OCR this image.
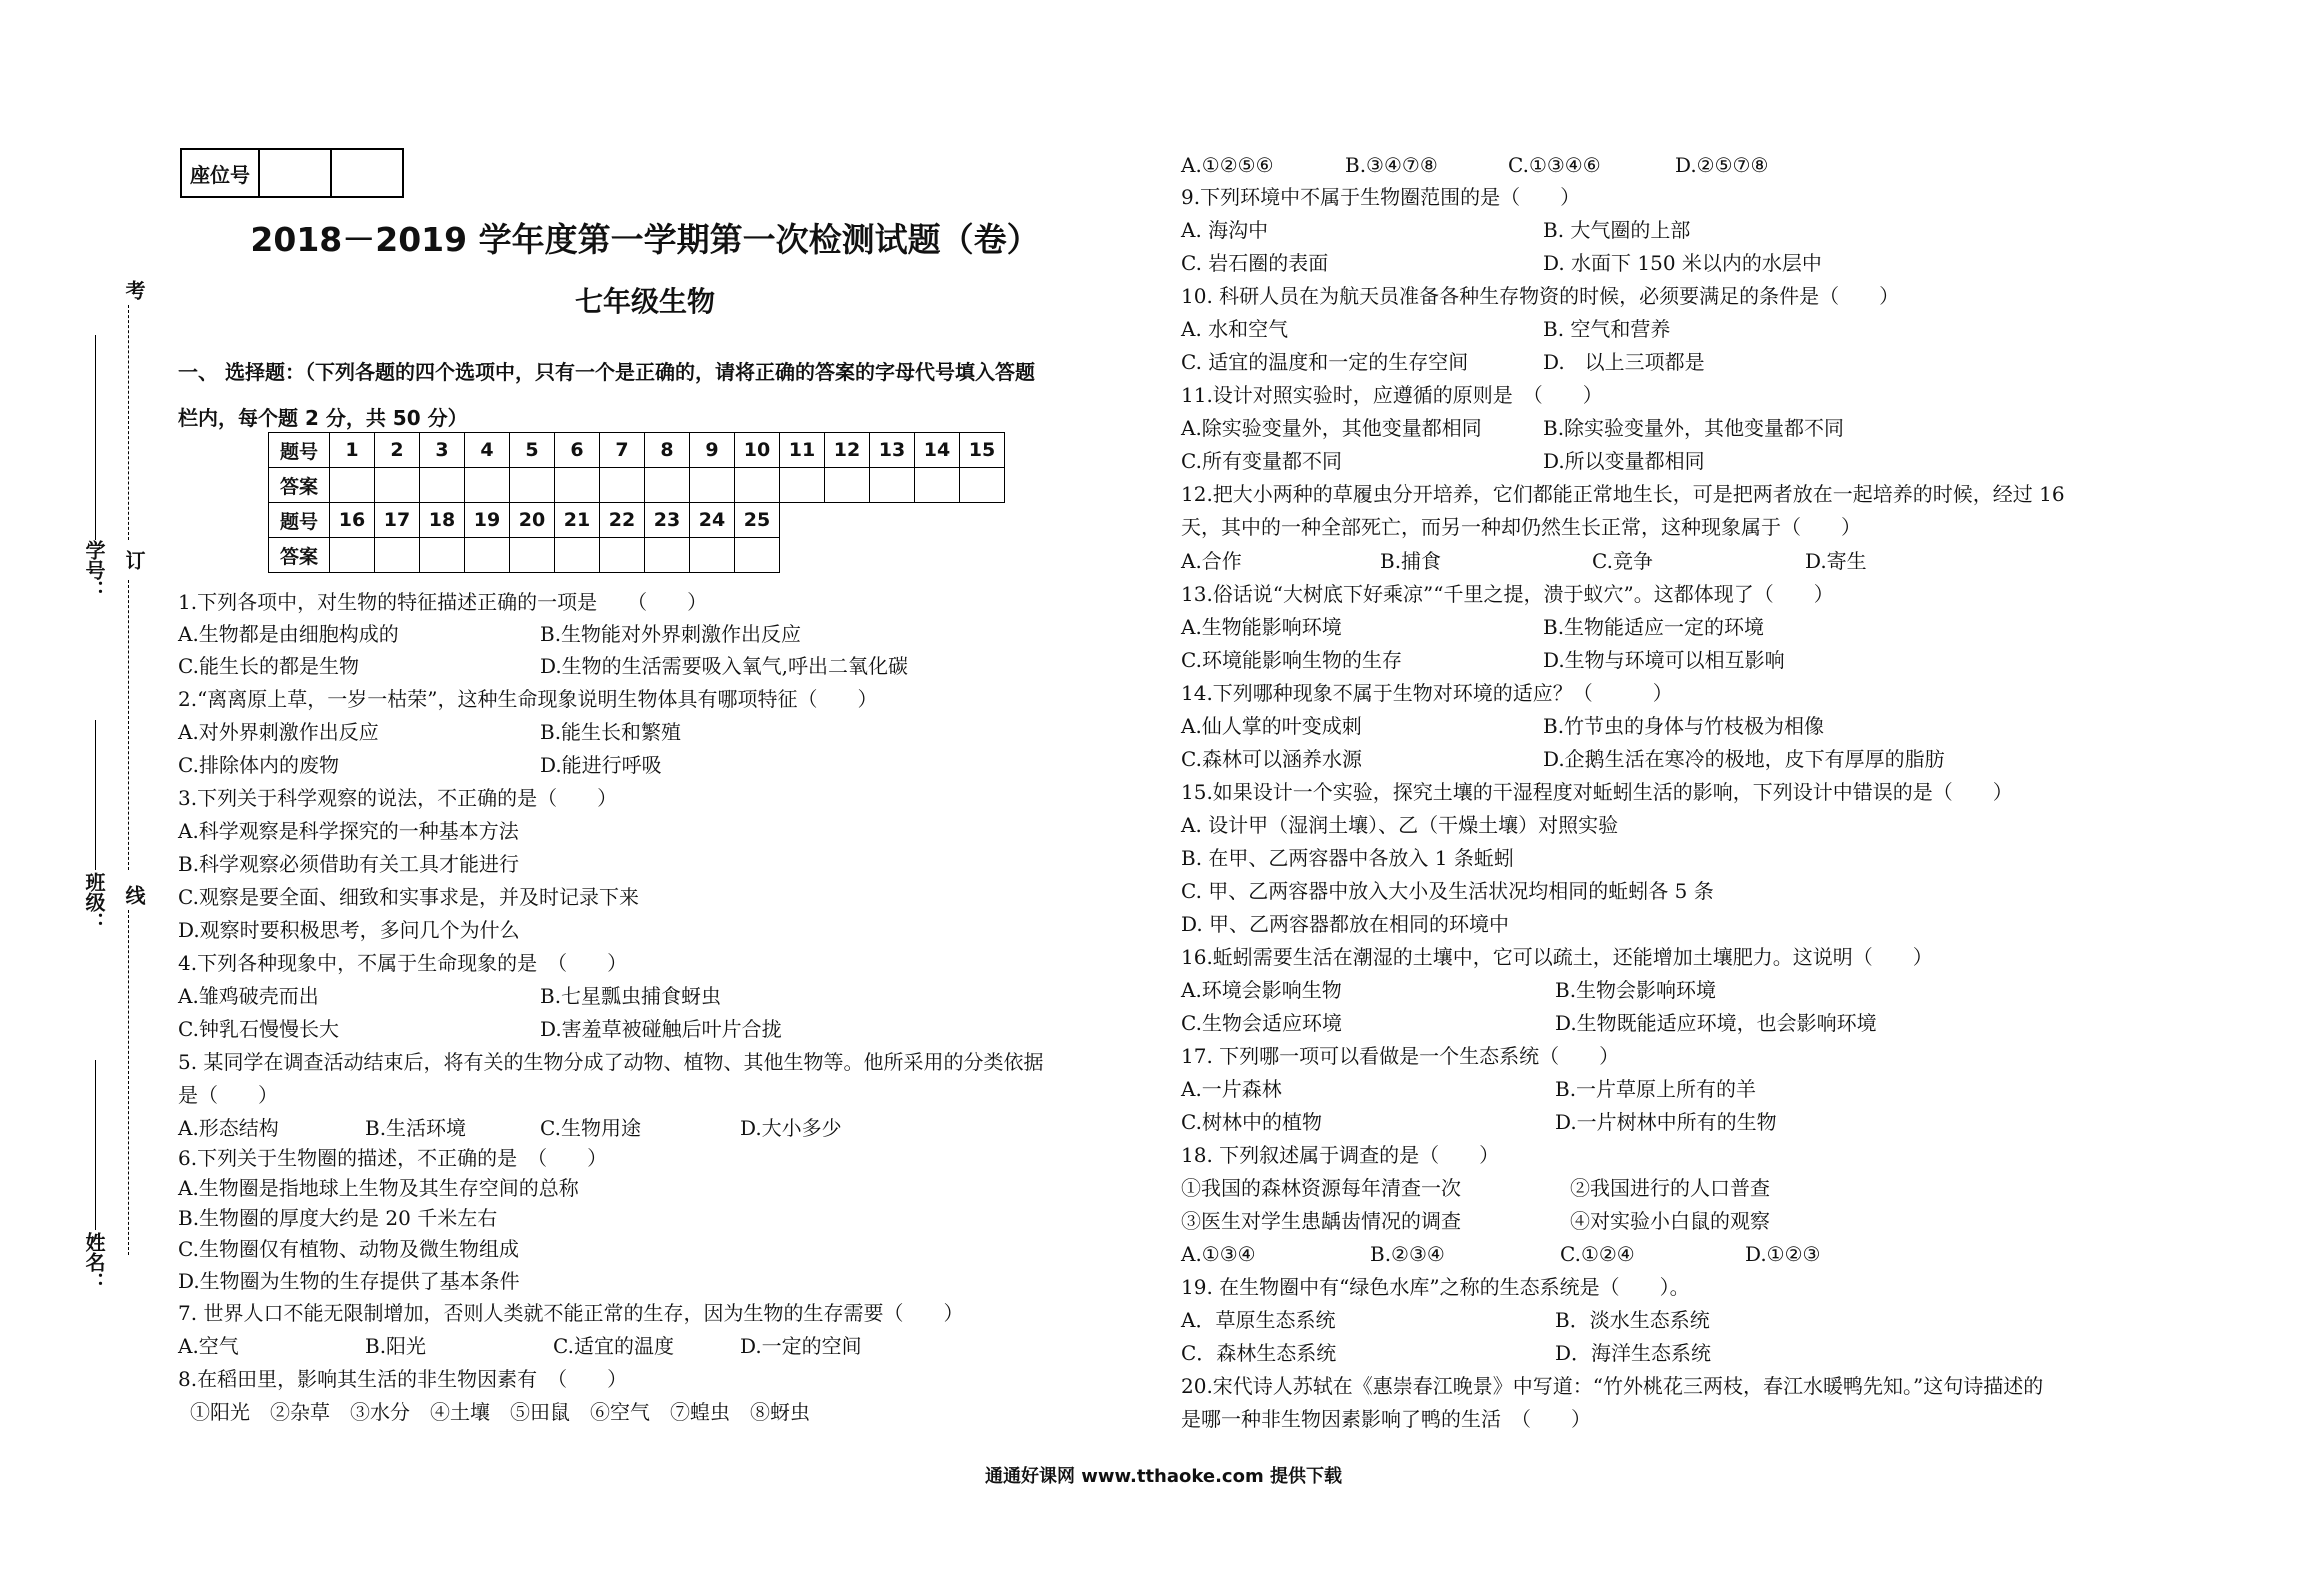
座位号		
2018－2019 学年度第一学期第一次检测试题（卷）
七年级生物
一、 选择题：（下列各题的四个选项中，只有一个是正确的，请将正确的答案的字母代号填入答题
栏内，每个题 2 分，共 50 分）
题号	1	2	3	4	5	6	7	8	9	10	11	12	13	14	15
答案															
题号	16	17	18	19	20	21	22	23	24	25					
答案															
考
学号： 订
班级： 线
姓名：
1.下列各项中，对生物的特征描述正确的一项是　　（　　）
A.生物都是由细胞构成的	B.生物能对外界刺激作出反应
C.能生长的都是生物	D.生物的生活需要吸入氧气,呼出二氧化碳
2.“离离原上草，一岁一枯荣”，这种生命现象说明生物体具有哪项特征（　　）
A.对外界刺激作出反应	B.能生长和繁殖
C.排除体内的废物	D.能进行呼吸
3.下列关于科学观察的说法，不正确的是（　　）
A.科学观察是科学探究的一种基本方法
B.科学观察必须借助有关工具才能进行
C.观察是要全面、细致和实事求是，并及时记录下来
D.观察时要积极思考，多问几个为什么
4.下列各种现象中，不属于生命现象的是　（　　）
A.雏鸡破壳而出	B.七星瓢虫捕食蚜虫
C.钟乳石慢慢长大	D.害羞草被碰触后叶片合拢
5. 某同学在调查活动结束后，将有关的生物分成了动物、植物、其他生物等。他所采用的分类依据
是（　　）
A.形态结构	B.生活环境	C.生物用途	D.大小多少
6.下列关于生物圈的描述，不正确的是　（　　）
A.生物圈是指地球上生物及其生存空间的总称
B.生物圈的厚度大约是 20 千米左右
C.生物圈仅有植物、动物及微生物组成
D.生物圈为生物的生存提供了基本条件
7. 世界人口不能无限制增加，否则人类就不能正常的生存，因为生物的生存需要（　　）
A.空气	B.阳光	C.适宜的温度	D.一定的空间
8.在稻田里，影响其生活的非生物因素有　（　　）
①阳光　②杂草　③水分　④土壤　⑤田鼠　⑥空气　⑦蝗虫　⑧蚜虫
A.①②⑤⑥	B.③④⑦⑧	C.①③④⑥	D.②⑤⑦⑧
9.下列环境中不属于生物圈范围的是（　　）
A. 海沟中	B. 大气圈的上部
C. 岩石圈的表面	D. 水面下 150 米以内的水层中
10. 科研人员在为航天员准备各种生存物资的时候，必须要满足的条件是（　　）
A. 水和空气	B. 空气和营养
C. 适宜的温度和一定的生存空间	D.　以上三项都是
11.设计对照实验时，应遵循的原则是　（　　）
A.除实验变量外，其他变量都相同	B.除实验变量外，其他变量都不同
C.所有变量都不同	D.所以变量都相同
12.把大小两种的草履虫分开培养，它们都能正常地生长，可是把两者放在一起培养的时候，经过 16
天，其中的一种全部死亡，而另一种却仍然生长正常，这种现象属于（　　）
A.合作	B.捕食	C.竞争	D.寄生
13.俗话说“大树底下好乘凉”“千里之提，溃于蚁穴”。这都体现了（　　）
A.生物能影响环境	B.生物能适应一定的环境
C.环境能影响生物的生存	D.生物与环境可以相互影响
14.下列哪种现象不属于生物对环境的适应？（　　　）
A.仙人掌的叶变成刺	B.竹节虫的身体与竹枝极为相像
C.森林可以涵养水源	D.企鹅生活在寒冷的极地，皮下有厚厚的脂肪
15.如果设计一个实验，探究土壤的干湿程度对蚯蚓生活的影响，下列设计中错误的是（　　）
A. 设计甲（湿润土壤）、乙（干燥土壤）对照实验
B. 在甲、乙两容器中各放入 1 条蚯蚓
C. 甲、乙两容器中放入大小及生活状况均相同的蚯蚓各 5 条
D. 甲、乙两容器都放在相同的环境中
16.蚯蚓需要生活在潮湿的土壤中，它可以疏土，还能增加土壤肥力。这说明（　　）
A.环境会影响生物	B.生物会影响环境
C.生物会适应环境	D.生物既能适应环境，也会影响环境
17. 下列哪一项可以看做是一个生态系统（　　）
A.一片森林	B.一片草原上所有的羊
C.树林中的植物	D.一片树林中所有的生物
18. 下列叙述属于调查的是（　　）
①我国的森林资源每年清查一次	②我国进行的人口普查
③医生对学生患龋齿情况的调查	④对实验小白鼠的观察
A.①③④	B.②③④	C.①②④	D.①②③
19. 在生物圈中有“绿色水库”之称的生态系统是（　　）。
A．草原生态系统	B．淡水生态系统
C．森林生态系统	D．海洋生态系统
20.宋代诗人苏轼在《惠崇春江晚景》中写道：“竹外桃花三两枝，春江水暖鸭先知。”这句诗描述的
是哪一种非生物因素影响了鸭的生活　（　　）
通通好课网 www.tthaoke.com 提供下载
